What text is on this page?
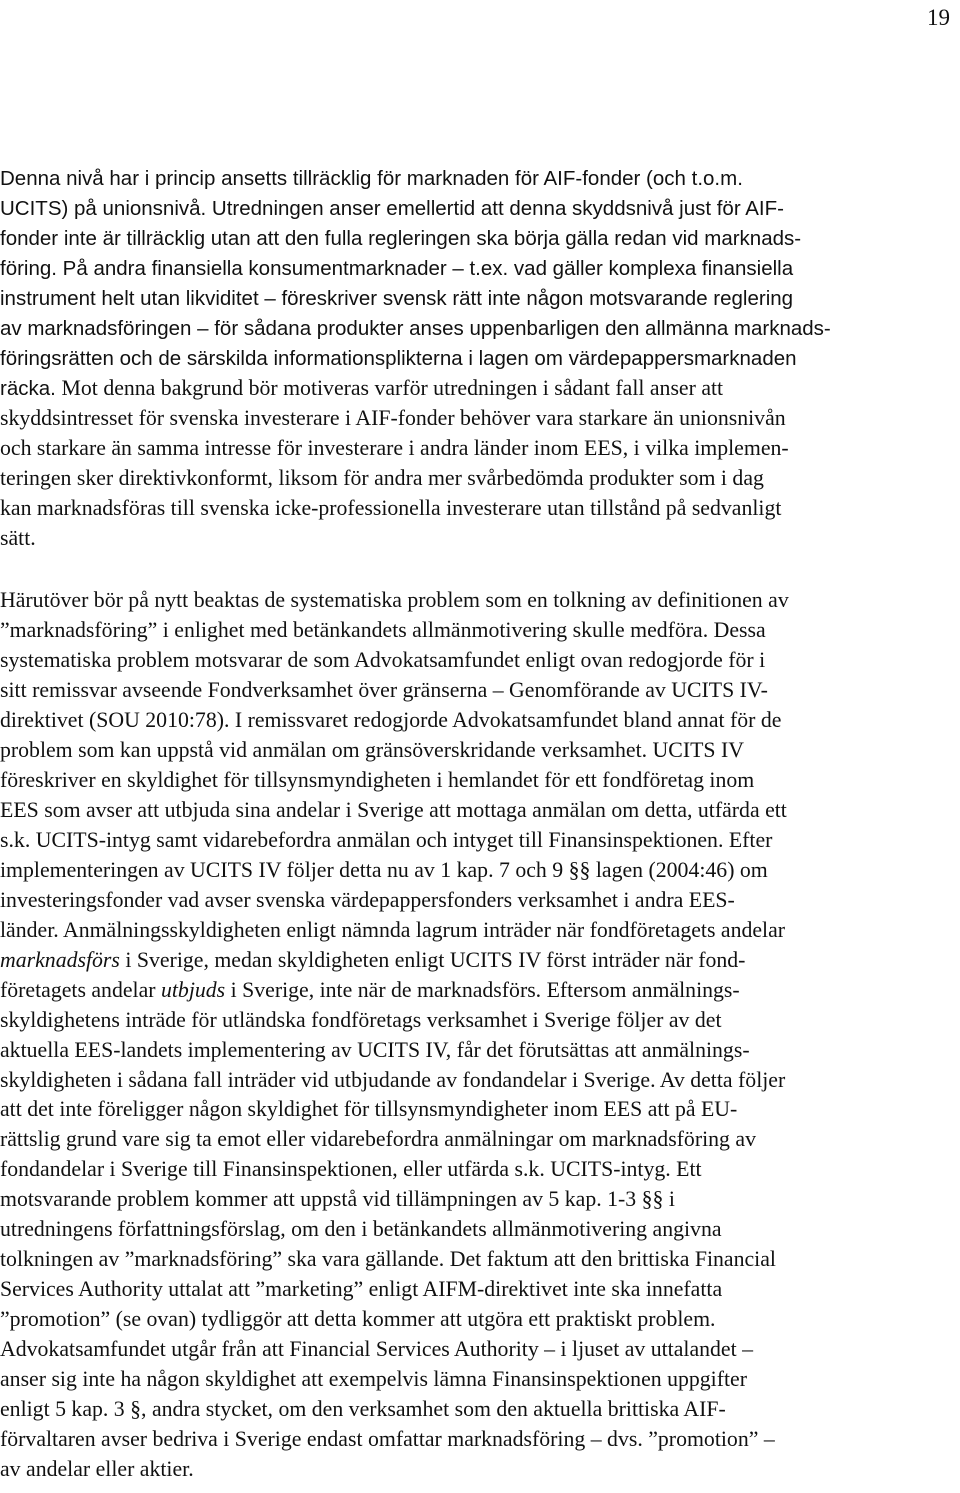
19

Denna nivå har i princip ansetts tillräcklig för marknaden för AIF-fonder (och t.o.m.

UCITS) på unionsnivå. Utredningen anser emellertid att denna skyddsnivå just för AIF-

fonder inte är tillräcklig utan att den fulla regleringen ska börja gälla redan vid marknads-

föring. På andra finansiella konsumentmarknader – t.ex. vad gäller komplexa finansiella

instrument helt utan likviditet – föreskriver svensk rätt inte någon motsvarande reglering

av marknadsföringen – för sådana produkter anses uppenbarligen den allmänna marknads-

föringsrätten och de särskilda informationsplikterna i lagen om värdepappersmarknaden

räcka. Mot denna bakgrund bör motiveras varför utredningen i sådant fall anser att

skyddsintresset för svenska investerare i AIF-fonder behöver vara starkare än unionsnivån

och starkare än samma intresse för investerare i andra länder inom EES, i vilka implemen-

teringen sker direktivkonformt, liksom för andra mer svårbedömda produkter som i dag

kan marknadsföras till svenska icke-professionella investerare utan tillstånd på sedvanligt

sätt.

Härutöver bör på nytt beaktas de systematiska problem som en tolkning av definitionen av

”marknadsföring” i enlighet med betänkandets allmänmotivering skulle medföra. Dessa

systematiska problem motsvarar de som Advokatsamfundet enligt ovan redogjorde för i

sitt remissvar avseende Fondverksamhet över gränserna – Genomförande av UCITS IV-

direktivet (SOU 2010:78). I remissvaret redogjorde Advokatsamfundet bland annat för de

problem som kan uppstå vid anmälan om gränsöverskridande verksamhet. UCITS IV

föreskriver en skyldighet för tillsynsmyndigheten i hemlandet för ett fondföretag inom

EES som avser att utbjuda sina andelar i Sverige att mottaga anmälan om detta, utfärda ett

s.k. UCITS-intyg samt vidarebefordra anmälan och intyget till Finansinspektionen. Efter

implementeringen av UCITS IV följer detta nu av 1 kap. 7 och 9 §§ lagen (2004:46) om

investeringsfonder vad avser svenska värdepappersfonders verksamhet i andra EES-

länder. Anmälningsskyldigheten enligt nämnda lagrum inträder när fondföretagets andelar

marknadsförs i Sverige, medan skyldigheten enligt UCITS IV först inträder när fond-

företagets andelar utbjuds i Sverige, inte när de marknadsförs. Eftersom anmälnings-

skyldighetens inträde för utländska fondföretags verksamhet i Sverige följer av det

aktuella EES-landets implementering av UCITS IV, får det förutsättas att anmälnings-

skyldigheten i sådana fall inträder vid utbjudande av fondandelar i Sverige. Av detta följer

att det inte föreligger någon skyldighet för tillsynsmyndigheter inom EES att på EU-

rättslig grund vare sig ta emot eller vidarebefordra anmälningar om marknadsföring av

fondandelar i Sverige till Finansinspektionen, eller utfärda s.k. UCITS-intyg. Ett

motsvarande problem kommer att uppstå vid tillämpningen av 5 kap. 1-3 §§ i

utredningens författningsförslag, om den i betänkandets allmänmotivering angivna

tolkningen av ”marknadsföring” ska vara gällande. Det faktum att den brittiska Financial

Services Authority uttalat att ”marketing” enligt AIFM-direktivet inte ska innefatta

”promotion” (se ovan) tydliggör att detta kommer att utgöra ett praktiskt problem.

Advokatsamfundet utgår från att Financial Services Authority – i ljuset av uttalandet –

anser sig inte ha någon skyldighet att exempelvis lämna Finansinspektionen uppgifter

enligt 5 kap. 3 §, andra stycket, om den verksamhet som den aktuella brittiska AIF-

förvaltaren avser bedriva i Sverige endast omfattar marknadsföring – dvs. ”promotion” –

av andelar eller aktier.
